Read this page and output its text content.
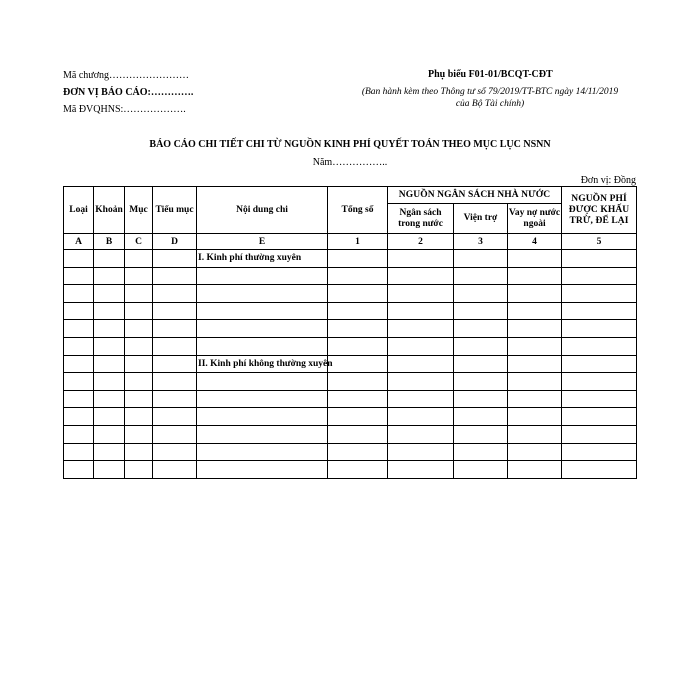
Mã chương……………………
ĐƠN VỊ BÁO CÁO:………….
Mã ĐVQHNS:……………….
Phụ biểu F01-01/BCQT-CĐT
(Ban hành kèm theo Thông tư số 79/2019/TT-BTC ngày 14/11/2019 của Bộ Tài chính)
BÁO CÁO CHI TIẾT CHI TỪ NGUỒN KINH PHÍ QUYẾT TOÁN THEO MỤC LỤC NSNN
Năm……………..
Đơn vị: Đồng
Loại	Khoản	Mục	Tiểu mục	Nội dung chi	Tổng số	NGUỒN NGÂN SÁCH NHÀ NƯỚC			NGUỒN PHÍ ĐƯỢC KHẤU TRỪ, ĐỂ LẠI
						Ngân sách trong nước	Viện trợ	Vay nợ nước ngoài	
A	B	C	D	E	1	2	3	4	5
				I. Kinh phí thường xuyên					

				II. Kinh phí không thường xuyên					
